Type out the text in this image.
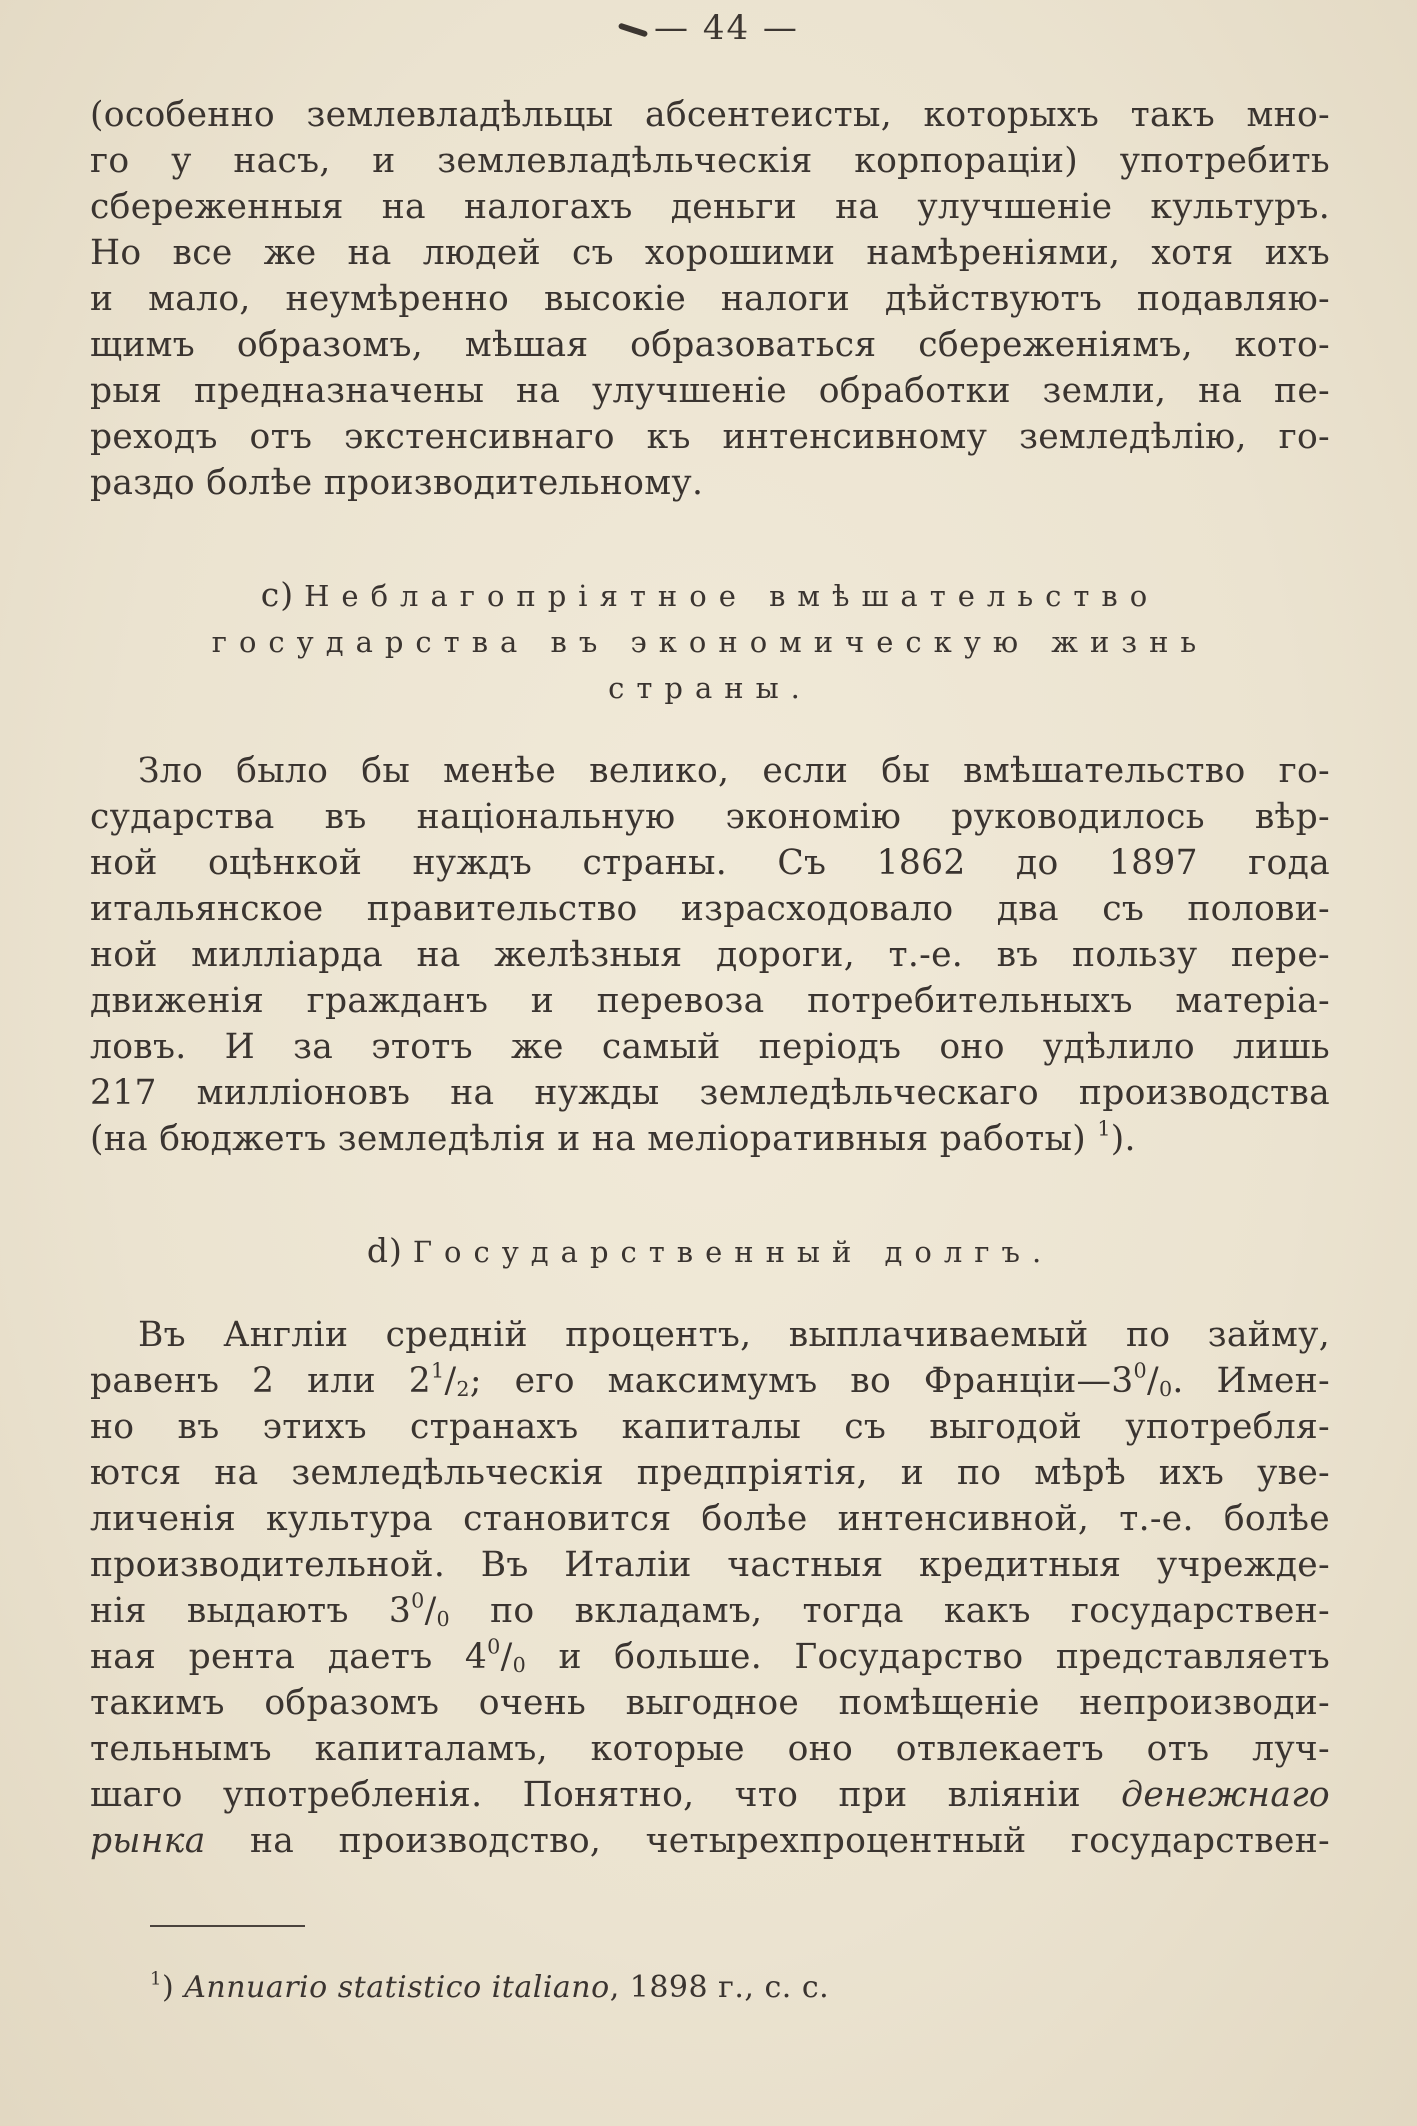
— 44 —
(особенно землевладѣльцы абсентеисты, которыхъ такъ мно-
го у насъ, и землевладѣльческія корпораціи) употребить
сбереженныя на налогахъ деньги на улучшеніе культуръ.
Но все же на людей съ хорошими намѣреніями, хотя ихъ
и мало, неумѣренно высокіе налоги дѣйствуютъ подавляю-
щимъ образомъ, мѣшая образоваться сбереженіямъ, кото-
рыя предназначены на улучшеніе обработки земли, на пе-
реходъ отъ экстенсивнаго къ интенсивному земледѣлію, го-
раздо болѣе производительному.
c) Неблагопріятное вмѣшательство
государства въ экономическую жизнь
страны.
Зло было бы менѣе велико, если бы вмѣшательство го-
сударства въ національную экономію руководилось вѣр-
ной оцѣнкой нуждъ страны. Съ 1862 до 1897 года
итальянское правительство израсходовало два съ полови-
ной милліарда на желѣзныя дороги, т.-е. въ пользу пере-
движенія гражданъ и перевоза потребительныхъ матеріа-
ловъ. И за этотъ же самый періодъ оно удѣлило лишь
217 милліоновъ на нужды земледѣльческаго производства
(на бюджетъ земледѣлія и на меліоративныя работы) $^1$).
d) Государственный долгъ.
Въ Англіи средній процентъ, выплачиваемый по займу,
равенъ 2 или $2^1/_2$; его максимумъ во $Франціи—3^0/_0$. Имен-
но въ этихъ странахъ капиталы съ выгодой употребля-
ются на земледѣльческія предпріятія, и по мѣрѣ ихъ уве-
личенія культура становится болѣе интенсивной, т.-е. болѣе
производительной. Въ Италіи частныя кредитныя учрежде-
нія выдаютъ $3^0/_0$ по вкладамъ, тогда какъ государствен-
ная рента даетъ $4^0/_0$ и больше. Государство представляетъ
такимъ образомъ очень выгодное помѣщеніе непроизводи-
тельнымъ капиталамъ, которые оно отвлекаетъ отъ луч-
шаго употребленія. Понятно, что при вліяніи денежнаго
рынка на производство, четырехпроцентный государствен-
$^1$) Annuario statistico italiano, 1898 г., с. с.
